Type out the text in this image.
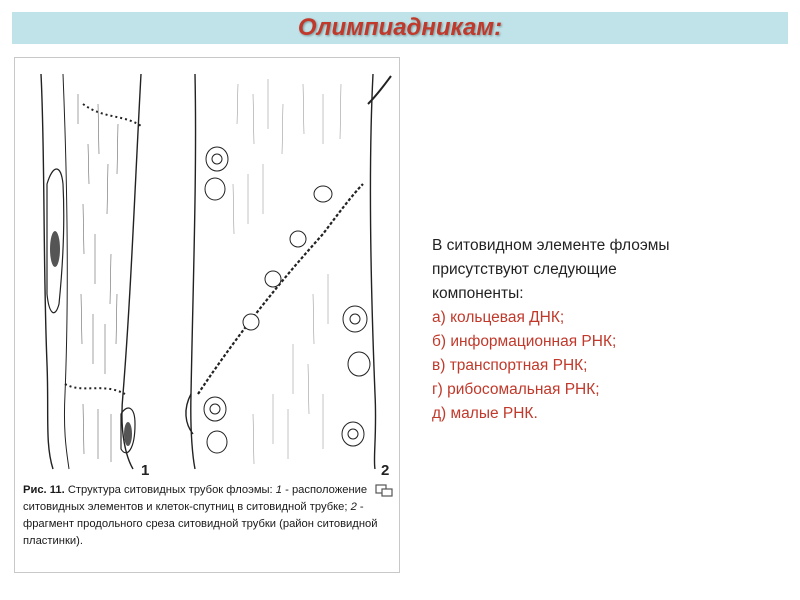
Олимпиадникам:
1	2
Рис. 11. Структура ситовидных трубок флоэмы: 1 - расположение ситовидных элементов и клеток-спутниц в ситовидной трубке; 2 - фрагмент продольного среза ситовидной трубки (район ситовидной пластинки).
В ситовидном элементе флоэмы
присутствуют следующие
компоненты:
а) кольцевая ДНК;
б) информационная РНК;
в) транспортная РНК;
г) рибосомальная РНК;
д) малые РНК.
